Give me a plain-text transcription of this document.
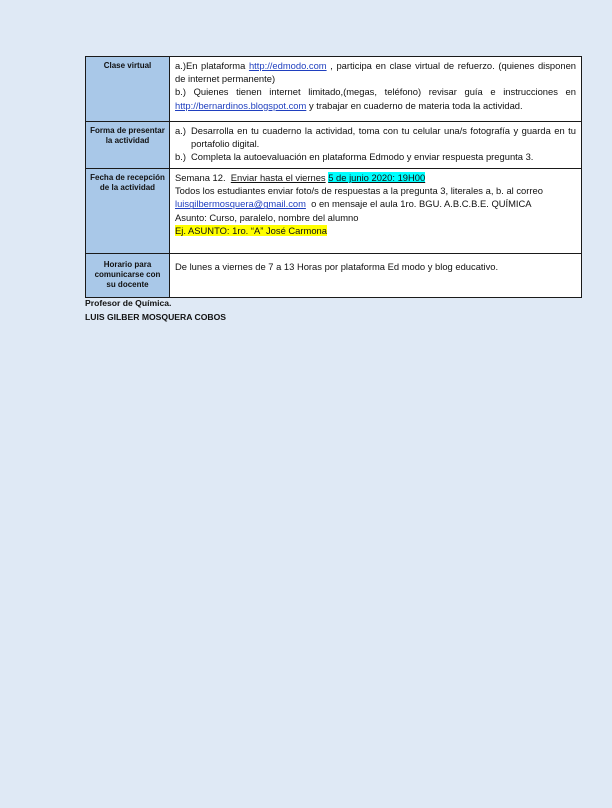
Clase virtual	a.)En plataforma http://edmodo.com , participa en clase virtual de refuerzo. (quienes disponen de internet permanente)
b.) Quienes tienen internet limitado,(megas, teléfono) revisar guía e instrucciones en http://bernardinos.blogspot.com y trabajar en cuaderno de materia toda la actividad.
Forma de presentar la actividad	a.) Desarrolla en tu cuaderno la actividad, toma con tu celular una/s fotografía y guarda en tu portafolio digital.
b.) Completa la autoevaluación en plataforma Edmodo y enviar respuesta pregunta 3.

Fecha de recepción de la actividad	Semana 12. Enviar hasta el viernes 5 de junio 2020: 19H00
Todos los estudiantes enviar foto/s de respuestas a la pregunta 3, literales a, b. al correo
luisgilbermosquera@gmail.com o en mensaje el aula 1ro. BGU. A.B.C.B.E. QUÍMICA
Asunto: Curso, paralelo, nombre del alumno
Ej. ASUNTO: 1ro. “A” José Carmona
Horario para comunicarse con su docente	De lunes a viernes de 7 a 13 Horas por plataforma Ed modo y blog educativo.
Profesor de Química.
LUIS GILBER MOSQUERA COBOS
